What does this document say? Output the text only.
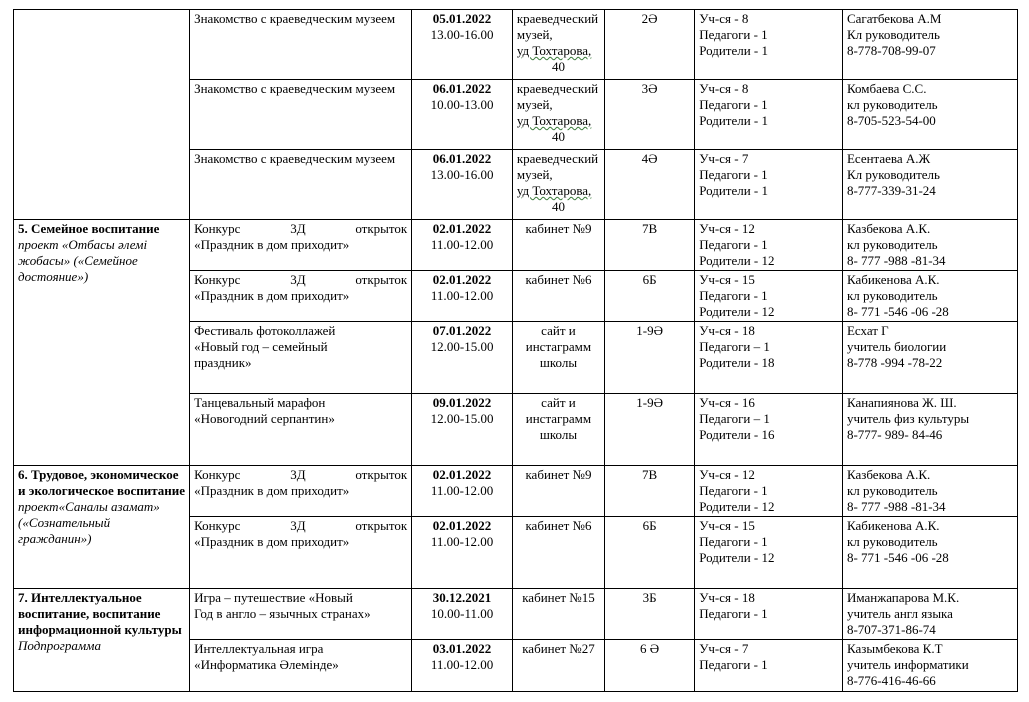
	Знакомство с краеведческим музеем	05.01.2022
13.00-16.00	краеведческий
музей,
уд Тохтарова,
40	2Ә	Уч-ся - 8
Педагоги - 1
Родители - 1	Сагатбекова А.М
Кл руководитель
8-778-708-99-07

	Знакомство с краеведческим музеем	06.01.2022
10.00-13.00	краеведческий
музей,
уд Тохтарова,
40	3Ә	Уч-ся - 8
Педагоги - 1
Родители - 1	Комбаева С.С.
кл руководитель
8-705-523-54-00

	Знакомство с краеведческим музеем	06.01.2022
13.00-16.00	краеведческий
музей,
уд Тохтарова,
40	4Ә	Уч-ся - 7
Педагоги - 1
Родители - 1	Есентаева А.Ж
Кл руководитель
8-777-339-31-24

5. Семейное воспитание
проект «Отбасы әлемі жобасы» («Семейное достояние»)	Конкурс 3Д открыток
«Праздник в дом приходит»	02.01.2022
11.00-12.00	кабинет №9	7В	Уч-ся - 12
Педагоги - 1
Родители - 12	Казбекова А.К.
кл руководитель
8- 777 -988 -81-34

	Конкурс 3Д открыток
«Праздник в дом приходит»	02.01.2022
11.00-12.00	кабинет №6	6Б	Уч-ся - 15
Педагоги - 1
Родители - 12	Кабикенова А.К.
кл руководитель
8- 771 -546 -06 -28

	Фестиваль фотоколлажей
«Новый год – семейный
праздник»	07.01.2022
12.00-15.00	сайт и
инстаграмм
школы	1-9Ә	Уч-ся - 18
Педагоги – 1
Родители - 18	Есхат Г
учитель биологии
8-778 -994 -78-22

	Танцевальный марафон
«Новогодний серпантин»	09.01.2022
12.00-15.00	сайт и
инстаграмм
школы	1-9Ә	Уч-ся - 16
Педагоги – 1
Родители - 16	Канапиянова Ж. Ш.
учитель физ культуры
8-777- 989- 84-46

6. Трудовое, экономическое и экологическое воспитание
проект«Саналы азамат» («Сознательный гражданин»)	Конкурс 3Д открыток
«Праздник в дом приходит»	02.01.2022
11.00-12.00	кабинет №9	7В	Уч-ся - 12
Педагоги - 1
Родители - 12	Казбекова А.К.
кл руководитель
8- 777 -988 -81-34

	Конкурс 3Д открыток
«Праздник в дом приходит»	02.01.2022
11.00-12.00	кабинет №6	6Б	Уч-ся - 15
Педагоги - 1
Родители - 12	Кабикенова А.К.
кл руководитель
8- 771 -546 -06 -28

7. Интеллектуальное воспитание, воспитание информационной культуры
Подпрограмма	Игра – путешествие «Новый
Год в англо – язычных странах»	30.12.2021
10.00-11.00	кабинет №15	3Б	Уч-ся - 18
Педагоги - 1	Иманжапарова М.К.
учитель англ языка
8-707-371-86-74

	Интеллектуальная игра
«Информатика Әлемінде»	03.01.2022
11.00-12.00	кабинет №27	6 Ә	Уч-ся - 7
Педагоги - 1	Казымбекова К.Т
учитель информатики
8-776-416-46-66
